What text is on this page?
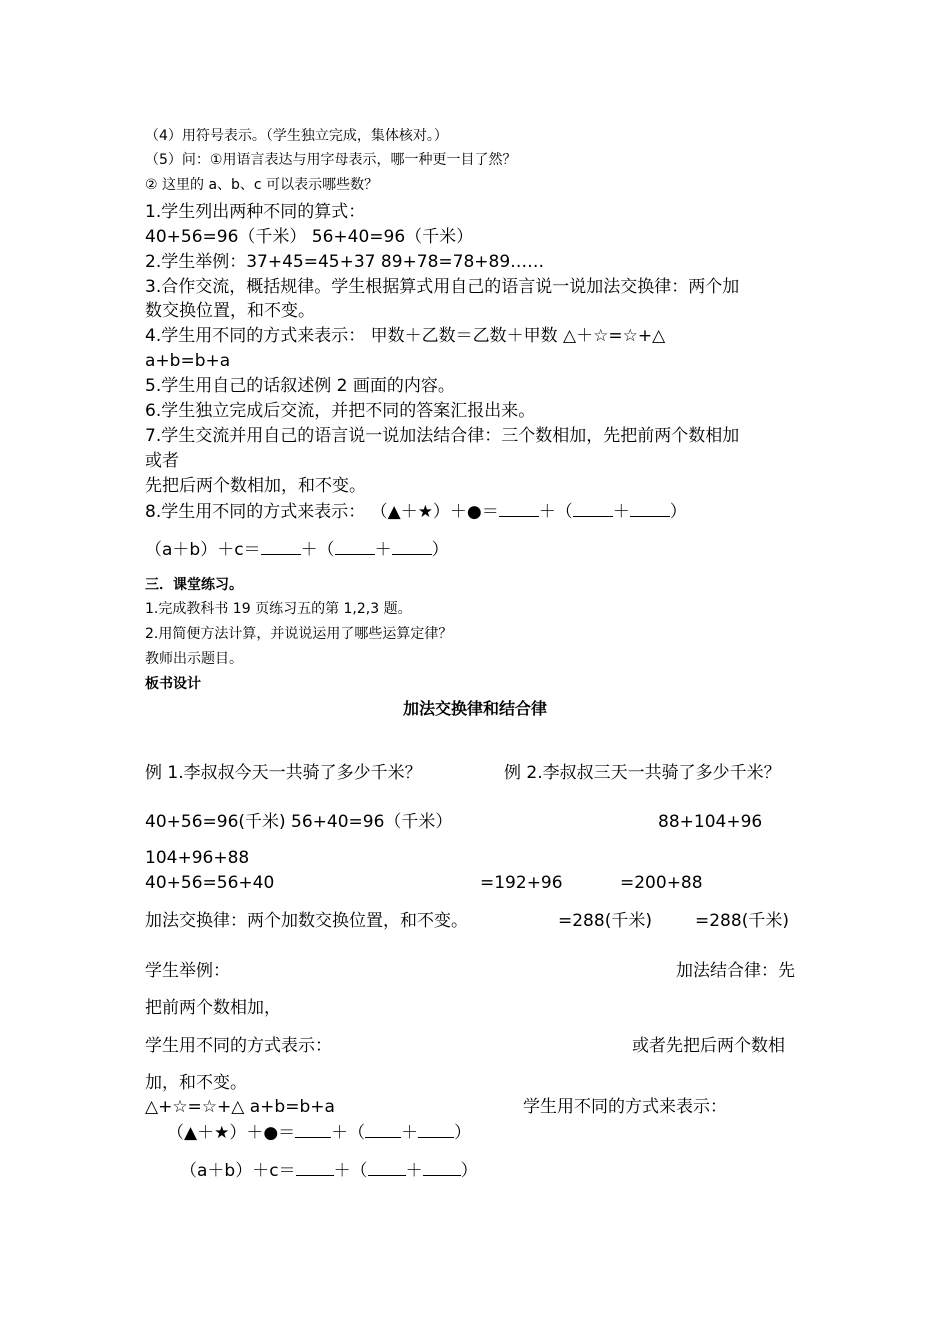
（4）用符号表示。（学生独立完成，集体核对。）
（5）问：①用语言表达与用字母表示，哪一种更一目了然？
② 这里的 a、b、c 可以表示哪些数？
1.学生列出两种不同的算式：
40+56=96（千米） 56+40=96（千米）
2.学生举例：37+45=45+37 89+78=78+89……
3.合作交流，概括规律。学生根据算式用自己的语言说一说加法交换律：两个加
数交换位置，和不变。
4.学生用不同的方式来表示： 甲数＋乙数＝乙数＋甲数 △＋☆=☆+△
a+b=b+a
5.学生用自己的话叙述例 2 画面的内容。
6.学生独立完成后交流，并把不同的答案汇报出来。
7.学生交流并用自己的语言说一说加法结合律：三个数相加，先把前两个数相加
或者
先把后两个数相加，和不变。
8.学生用不同的方式来表示： （▲＋★）＋●＝ ＋（ ＋ ）
（a＋b）＋c＝ ＋（ ＋ ）
三．课堂练习。
1.完成教科书 19 页练习五的第 1,2,3 题。
2.用简便方法计算，并说说运用了哪些运算定律？
教师出示题目。
板书设计
加法交换律和结合律
例 1.李叔叔今天一共骑了多少千米？	例 2.李叔叔三天一共骑了多少千米？
40+56=96(千米) 56+40=96（千米）	88+104+96
104+96+88
40+56=56+40	=192+96	=200+88
加法交换律：两个加数交换位置，和不变。	=288(千米)	=288(千米)
学生举例：	加法结合律：先
把前两个数相加，
学生用不同的方式表示：	或者先把后两个数相
加，和不变。
△+☆=☆+△ a+b=b+a	学生用不同的方式来表示：
（▲＋★）＋●＝ ＋（ ＋ ）
（a＋b）＋c＝ ＋（ ＋ ）
